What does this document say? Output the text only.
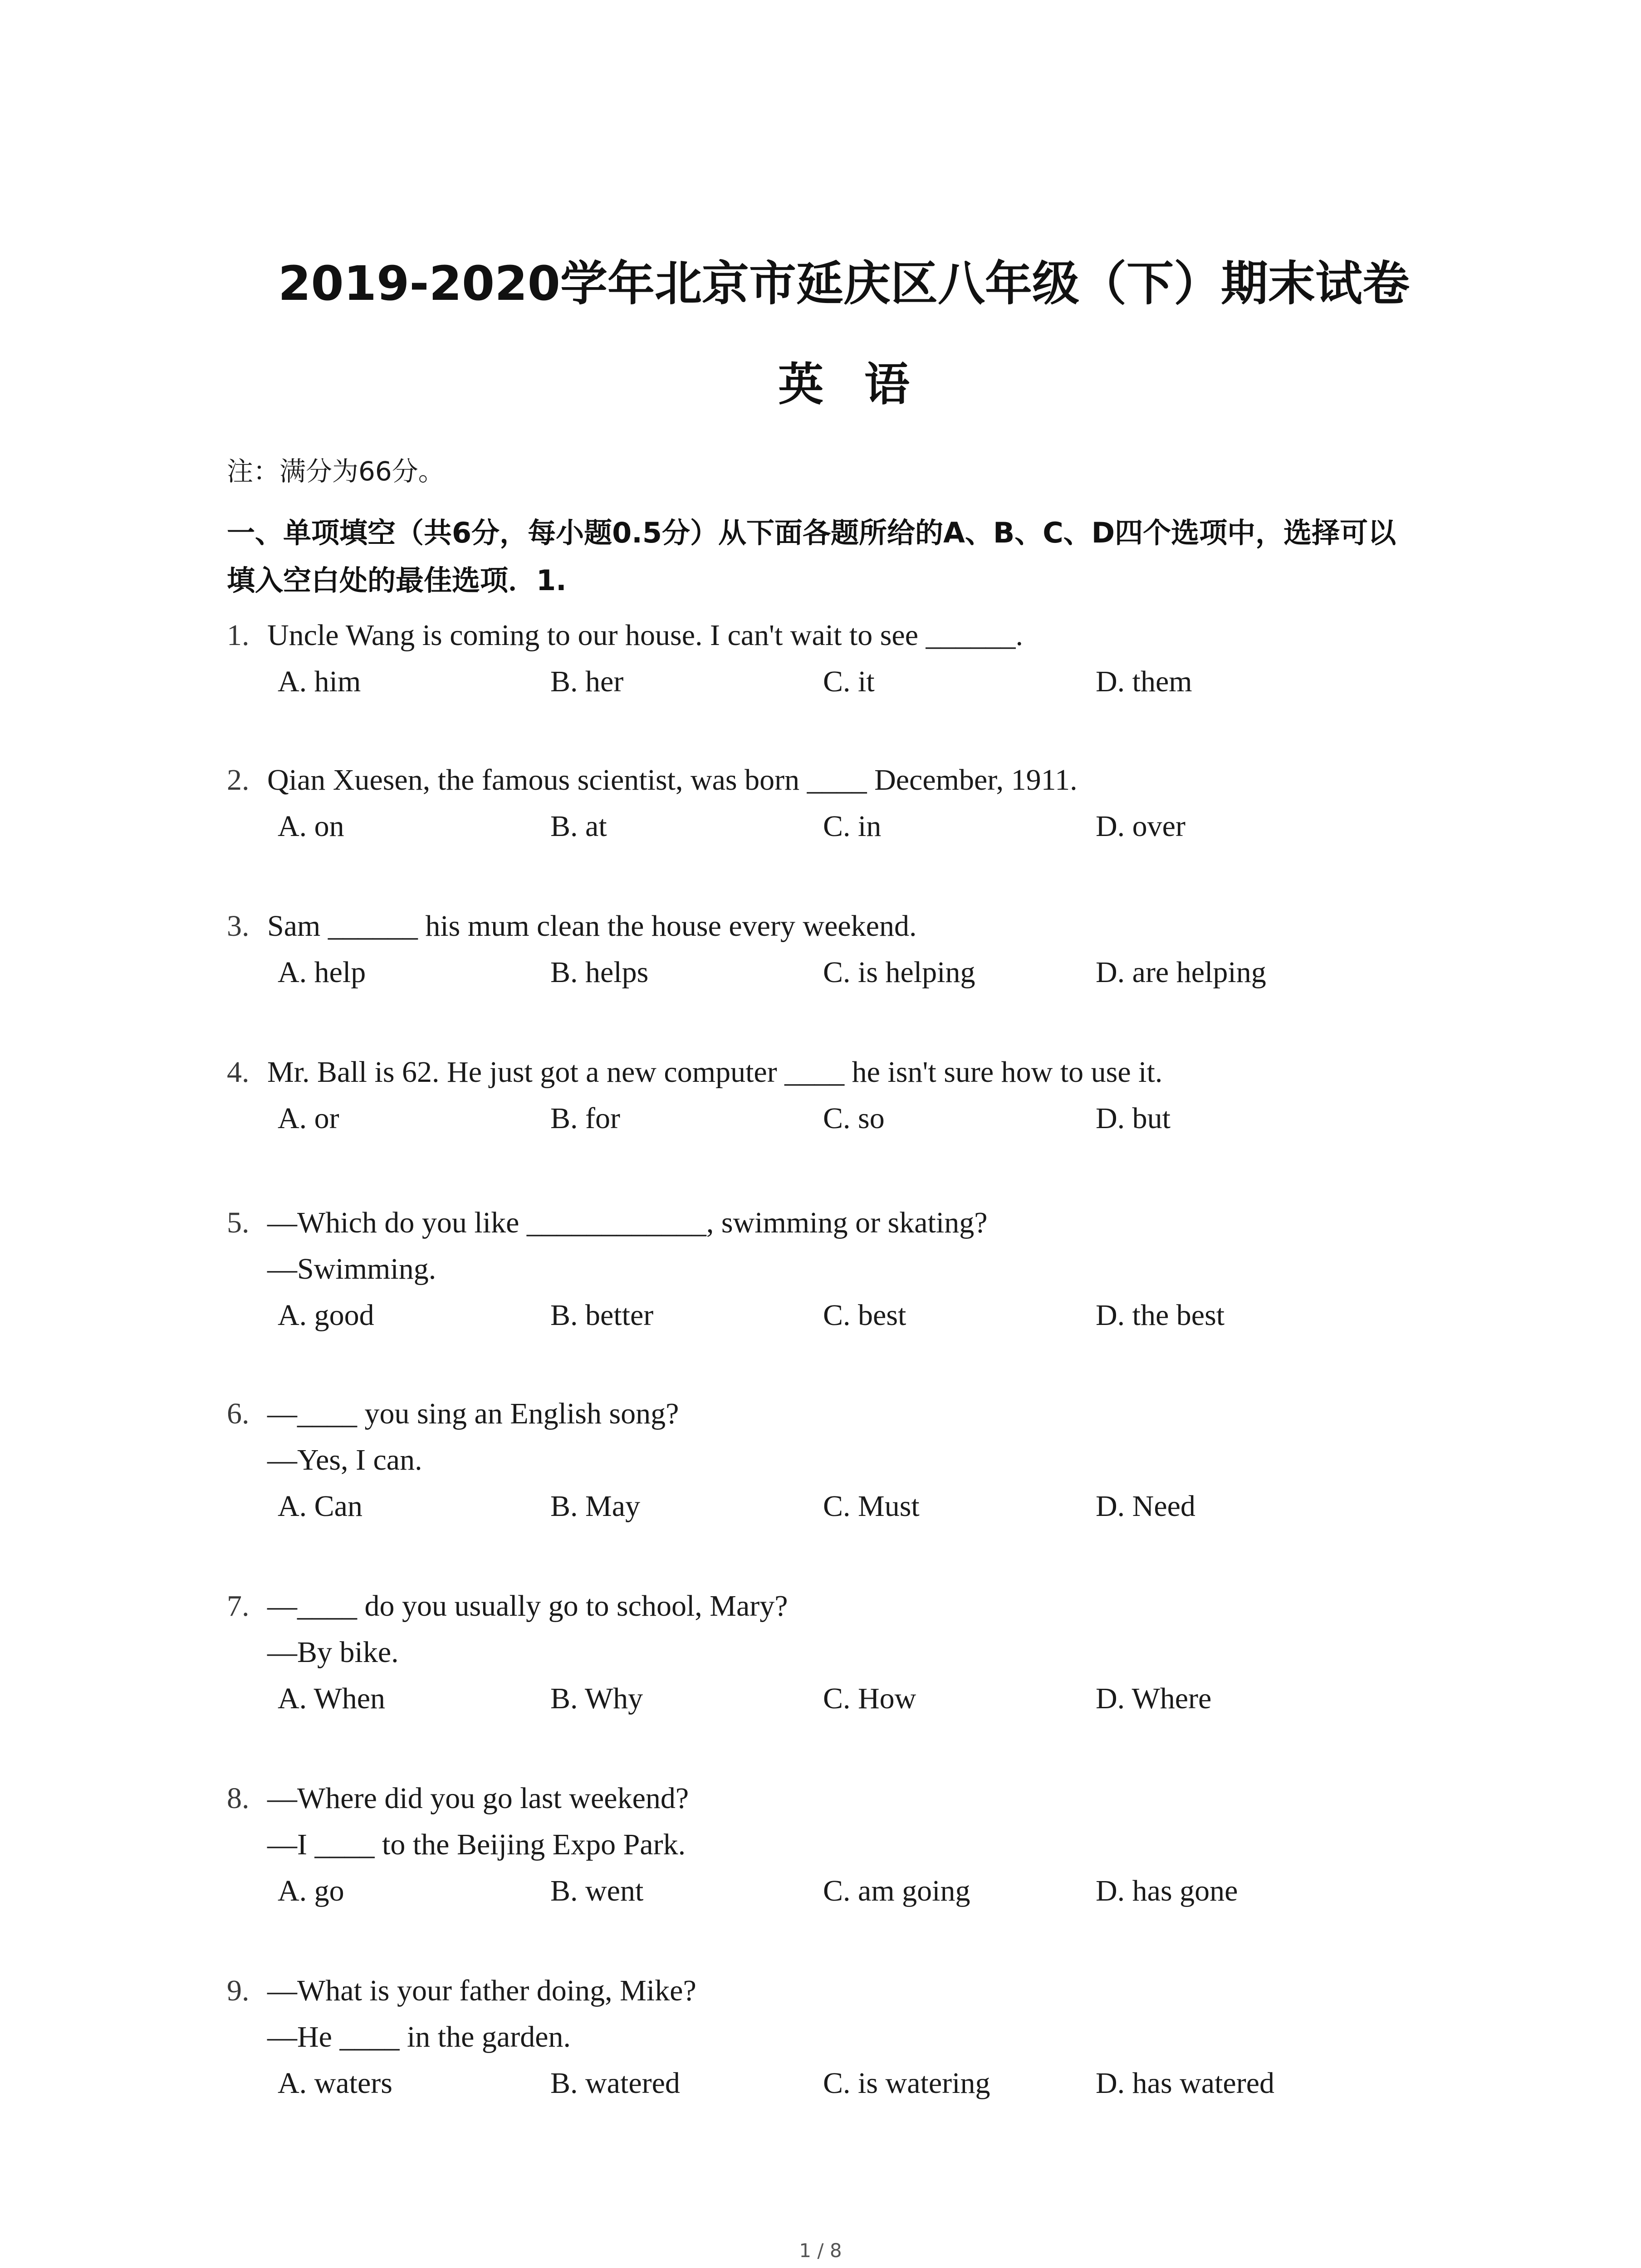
2019-2020学年北京市延庆区八年级（下）期末试卷
英 语
注：满分为66分。
一、单项填空（共6分，每小题0.5分）从下面各题所给的A、B、C、D四个选项中，选择可以
填入空白处的最佳选项．1.
1. Uncle Wang is coming to our house. I can't wait to see ______.
A. him	B. her	C. it	D. them
2. Qian Xuesen, the famous scientist, was born ____ December, 1911.
A. on	B. at	C. in	D. over
3. Sam ______ his mum clean the house every weekend.
A. help	B. helps	C. is helping	D. are helping
4. Mr. Ball is 62. He just got a new computer ____ he isn't sure how to use it.
A. or	B. for	C. so	D. but
5. —Which do you like ____________, swimming or skating?
—Swimming.
A. good	B. better	C. best	D. the best
6. —____ you sing an English song?
—Yes, I can.
A. Can	B. May	C. Must	D. Need
7. —____ do you usually go to school, Mary?
—By bike.
A. When	B. Why	C. How	D. Where
8. —Where did you go last weekend?
—I ____ to the Beijing Expo Park.
A. go	B. went	C. am going	D. has gone
9. —What is your father doing, Mike?
—He ____ in the garden.
A. waters	B. watered	C. is watering	D. has watered
1 / 8
